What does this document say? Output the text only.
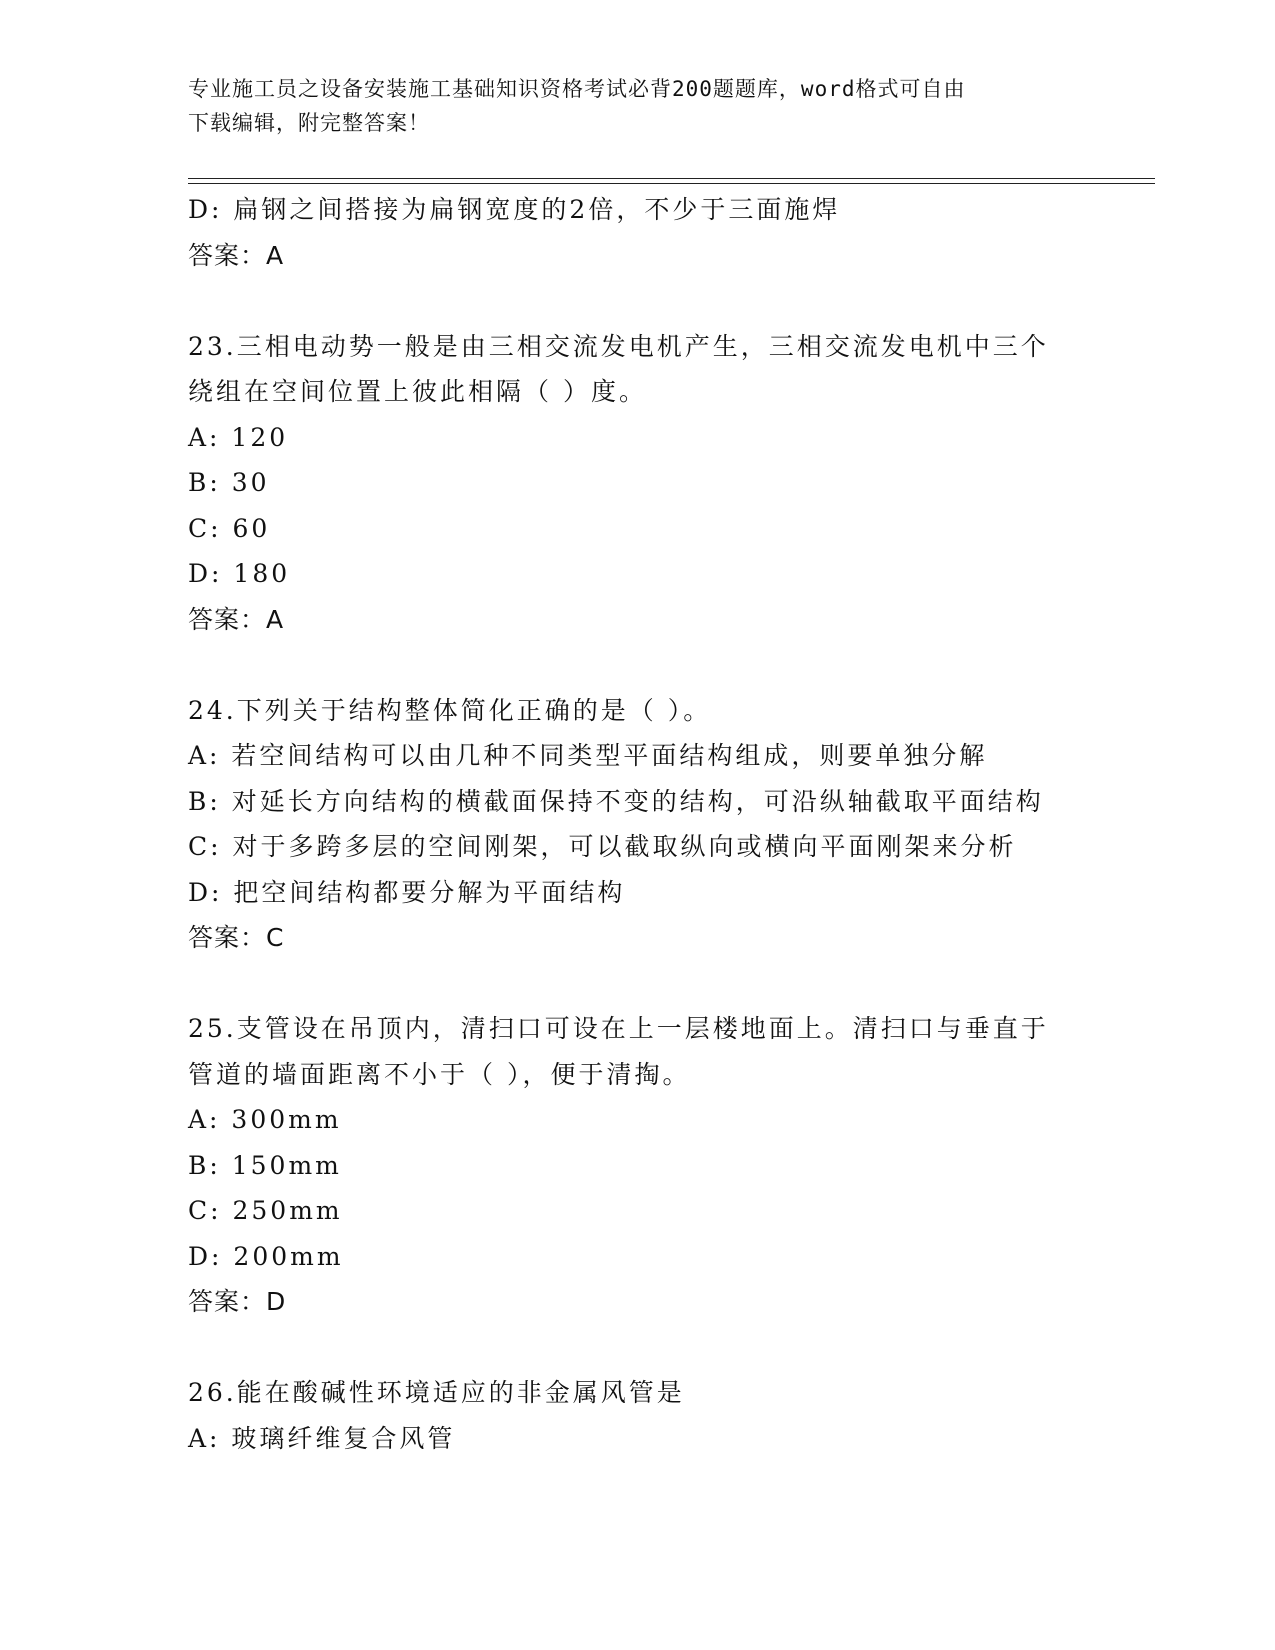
专业施工员之设备安装施工基础知识资格考试必背200题题库，word格式可自由
下载编辑，附完整答案！
D: 扁钢之间搭接为扁钢宽度的2倍，不少于三面施焊
答案：A
23.三相电动势一般是由三相交流发电机产生，三相交流发电机中三个
绕组在空间位置上彼此相隔（ ）度。
A: 120
B: 30
C: 60
D: 180
答案：A
24.下列关于结构整体简化正确的是（ ）。
A: 若空间结构可以由几种不同类型平面结构组成，则要单独分解
B: 对延长方向结构的横截面保持不变的结构，可沿纵轴截取平面结构
C: 对于多跨多层的空间刚架，可以截取纵向或横向平面刚架来分析
D: 把空间结构都要分解为平面结构
答案：C
25.支管设在吊顶内，清扫口可设在上一层楼地面上。清扫口与垂直于
管道的墙面距离不小于（ ），便于清掏。
A: 300mm
B: 150mm
C: 250mm
D: 200mm
答案：D
26.能在酸碱性环境适应的非金属风管是
A: 玻璃纤维复合风管
